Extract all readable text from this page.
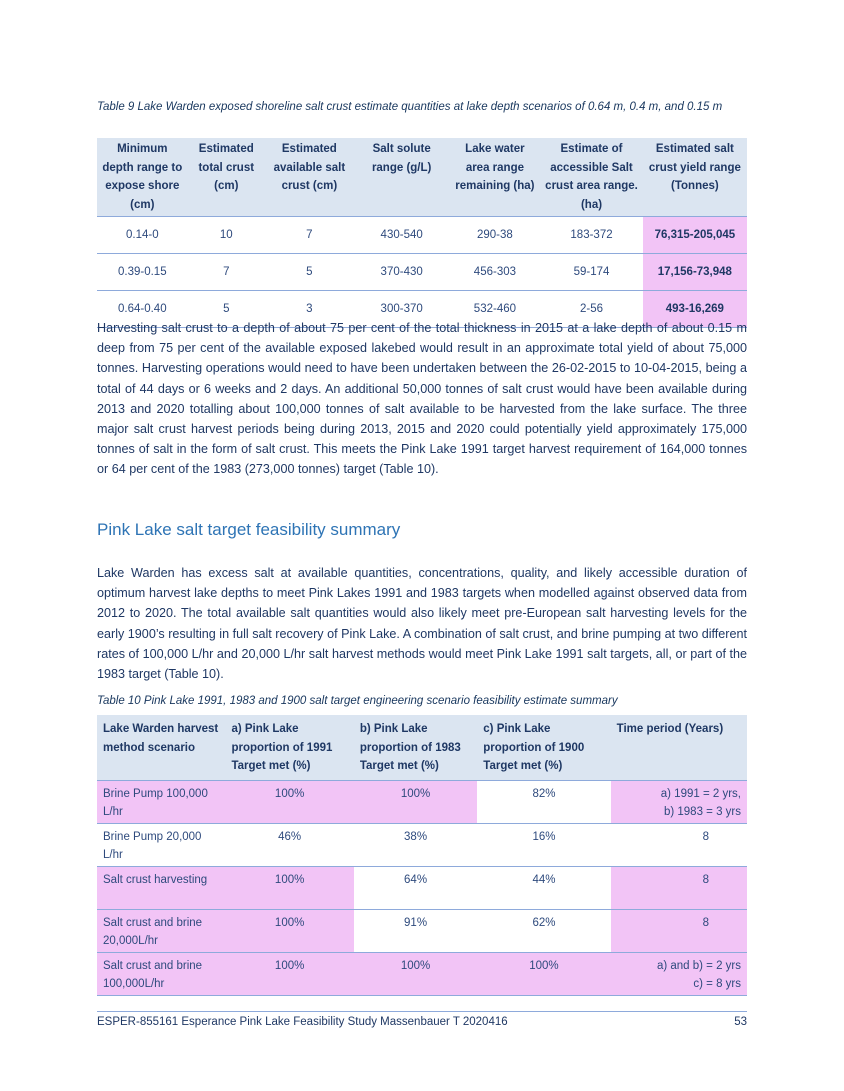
Table 9 Lake Warden exposed shoreline salt crust estimate quantities at lake depth scenarios of 0.64 m, 0.4 m, and 0.15 m
Minimum depth range to expose shore (cm)	Estimated total crust (cm)	Estimated available salt crust (cm)	Salt solute range (g/L)	Lake water area range remaining (ha)	Estimate of accessible Salt crust area range. (ha)	Estimated salt crust yield range (Tonnes)
0.14-0	10	7	430-540	290-38	183-372	76,315-205,045
0.39-0.15	7	5	370-430	456-303	59-174	17,156-73,948
0.64-0.40	5	3	300-370	532-460	2-56	493-16,269

Harvesting salt crust to a depth of about 75 per cent of the total thickness in 2015 at a lake depth of about 0.15 m deep from 75 per cent of the available exposed lakebed would result in an approximate total yield of about 75,000 tonnes. Harvesting operations would need to have been undertaken between the 26-02-2015 to 10-04-2015, being a total of 44 days or 6 weeks and 2 days. An additional 50,000 tonnes of salt crust would have been available during 2013 and 2020 totalling about 100,000 tonnes of salt available to be harvested from the lake surface. The three major salt crust harvest periods being during 2013, 2015 and 2020 could potentially yield approximately 175,000 tonnes of salt in the form of salt crust. This meets the Pink Lake 1991 target harvest requirement of 164,000 tonnes or 64 per cent of the 1983 (273,000 tonnes) target (Table 10).

Pink Lake salt target feasibility summary

Lake Warden has excess salt at available quantities, concentrations, quality, and likely accessible duration of optimum harvest lake depths to meet Pink Lakes 1991 and 1983 targets when modelled against observed data from 2012 to 2020. The total available salt quantities would also likely meet pre-European salt harvesting levels for the early 1900’s resulting in full salt recovery of Pink Lake. A combination of salt crust, and brine pumping at two different rates of 100,000 L/hr and 20,000 L/hr salt harvest methods would meet Pink Lake 1991 salt targets, all, or part of the 1983 target (Table 10).

Table 10 Pink Lake 1991, 1983 and 1900 salt target engineering scenario feasibility estimate summary
Lake Warden harvest method scenario	a) Pink Lake proportion of 1991 Target met (%)	b) Pink Lake proportion of 1983 Target met (%)	c) Pink Lake proportion of 1900 Target met (%)	Time period (Years)
Brine Pump 100,000 L/hr	100%	100%	82%	a) 1991 = 2 yrs,
b) 1983 = 3 yrs

Brine Pump 20,000 L/hr	46%	38%	16%	8

Salt crust harvesting	100%	64%	44%	8

Salt crust and brine 20,000L/hr	100%	91%	62%	8

Salt crust and brine 100,000L/hr	100%	100%	100%	a) and b) = 2 yrs
c) = 8 yrs
ESPER-855161 Esperance Pink Lake Feasibility Study Massenbauer T 2020416	53
